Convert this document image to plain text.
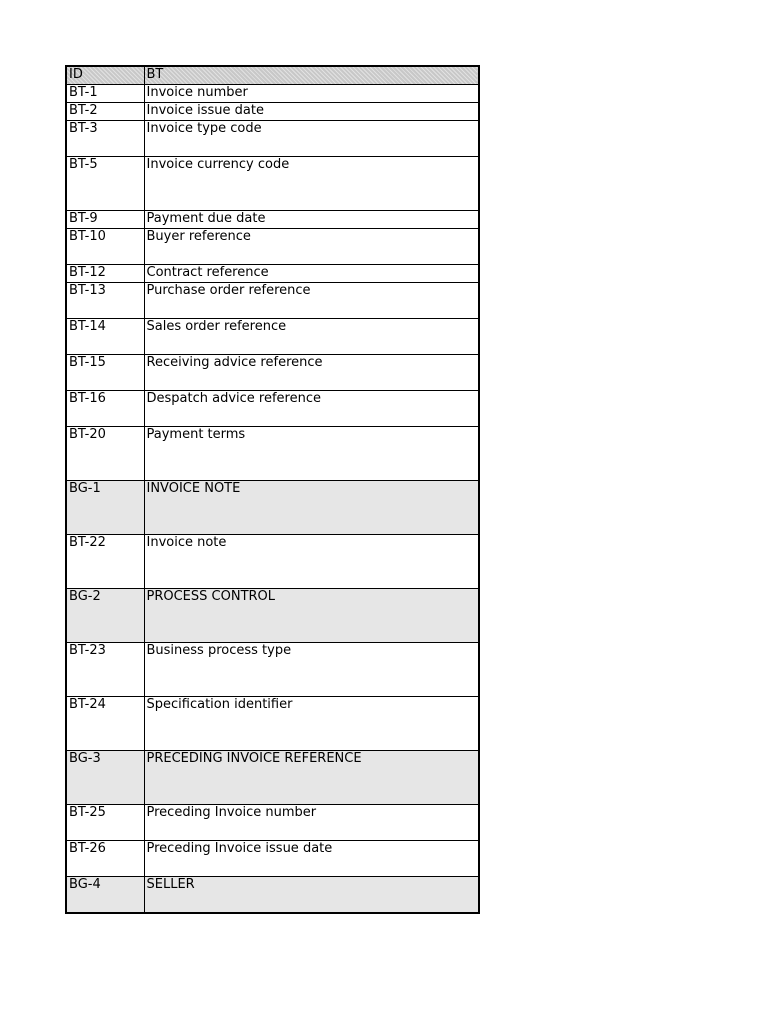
ID	BT
BT-1	Invoice number
BT-2	Invoice issue date
BT-3	Invoice type code
BT-5	Invoice currency code
BT-9	Payment due date
BT-10	Buyer reference
BT-12	Contract reference
BT-13	Purchase order reference
BT-14	Sales order reference
BT-15	Receiving advice reference
BT-16	Despatch advice reference
BT-20	Payment terms
BG-1	INVOICE NOTE
BT-22	Invoice note
BG-2	PROCESS CONTROL
BT-23	Business process type
BT-24	Specification identifier
BG-3	PRECEDING INVOICE REFERENCE
BT-25	Preceding Invoice number
BT-26	Preceding Invoice issue date
BG-4	SELLER
